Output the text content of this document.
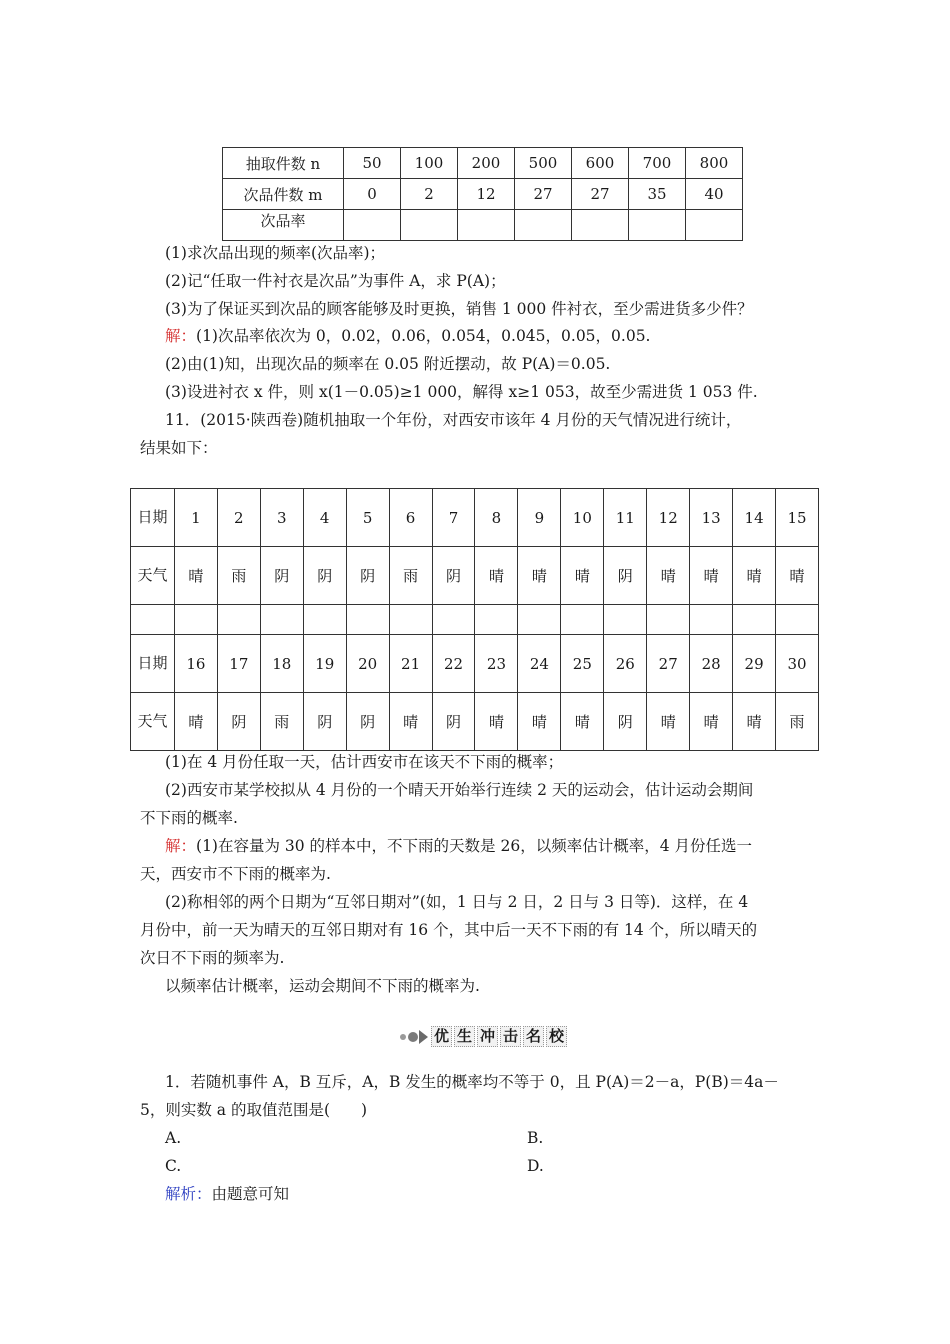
抽取件数 n	50	100	200	500	600	700	800
次品件数 m	0	2	12	27	27	35	40
次品率							
(1)求次品出现的频率(次品率)；
(2)记“任取一件衬衣是次品”为事件 A，求 P(A)；
(3)为了保证买到次品的顾客能够及时更换，销售 1 000 件衬衣，至少需进货多少件？
解：(1)次品率依次为 0，0.02，0.06，0.054，0.045，0.05，0.05.
(2)由(1)知，出现次品的频率在 0.05 附近摆动，故 P(A)＝0.05.
(3)设进衬衣 x 件，则 x(1－0.05)≥1 000，解得 x≥1 053，故至少需进货 1 053 件.
11．(2015·陕西卷)随机抽取一个年份，对西安市该年 4 月份的天气情况进行统计，
结果如下：
日期	1	2	3	4	5	6	7	8	9	10	11	12	13	14	15
天气	晴	雨	阴	阴	阴	雨	阴	晴	晴	晴	阴	晴	晴	晴	晴

日期	16	17	18	19	20	21	22	23	24	25	26	27	28	29	30
天气	晴	阴	雨	阴	阴	晴	阴	晴	晴	晴	阴	晴	晴	晴	雨
(1)在 4 月份任取一天，估计西安市在该天不下雨的概率；
(2)西安市某学校拟从 4 月份的一个晴天开始举行连续 2 天的运动会，估计运动会期间
不下雨的概率.
解：(1)在容量为 30 的样本中，不下雨的天数是 26，以频率估计概率，4 月份任选一
天，西安市不下雨的概率为.
(2)称相邻的两个日期为“互邻日期对”(如，1 日与 2 日，2 日与 3 日等)．这样，在 4
月份中，前一天为晴天的互邻日期对有 16 个，其中后一天不下雨的有 14 个，所以晴天的
次日不下雨的频率为.
以频率估计概率，运动会期间不下雨的概率为.
优 生 冲 击 名 校
1．若随机事件 A，B 互斥，A，B 发生的概率均不等于 0，且 P(A)＝2－a，P(B)＝4a－
5，则实数 a 的取值范围是(　　)
A.	B.
C.	D.
解析：由题意可知
